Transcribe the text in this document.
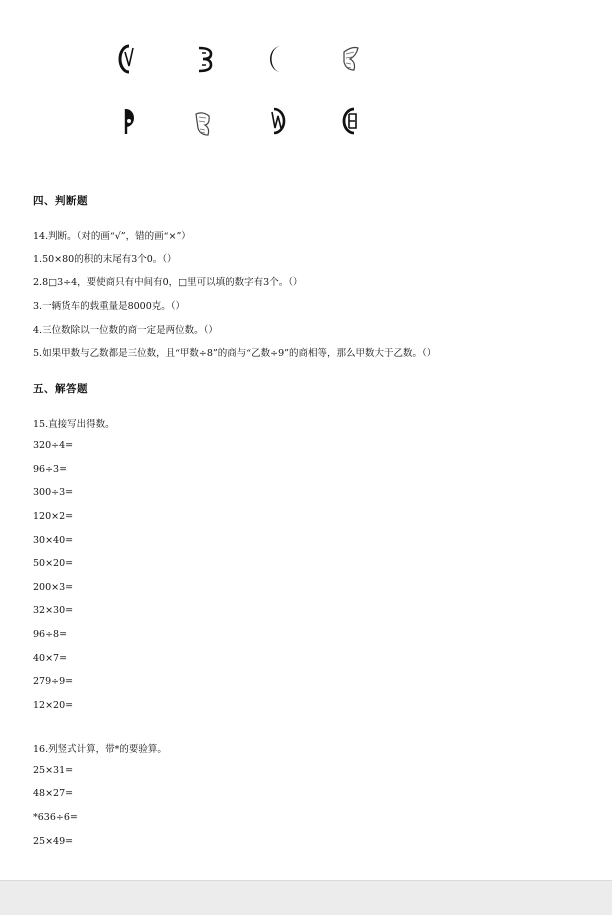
四、判断题
14.判断。（对的画“√”，错的画“×”）
1.50×80的积的末尾有3个0。（）
2.8□3÷4，要使商只有中间有0，□里可以填的数字有3个。（）
3.一辆货车的载重量是8000克。（）
4.三位数除以一位数的商一定是两位数。（）
5.如果甲数与乙数都是三位数，且“甲数÷8”的商与“乙数÷9”的商相等，那么甲数大于乙数。（）
五、解答题
15.直接写出得数。
320÷4=
96÷3=
300÷3=
120×2=
30×40=
50×20=
200×3=
32×30=
96÷8=
40×7=
279÷9=
12×20=
16.列竖式计算，带*的要验算。
25×31=
48×27=
*636÷6=
25×49=
